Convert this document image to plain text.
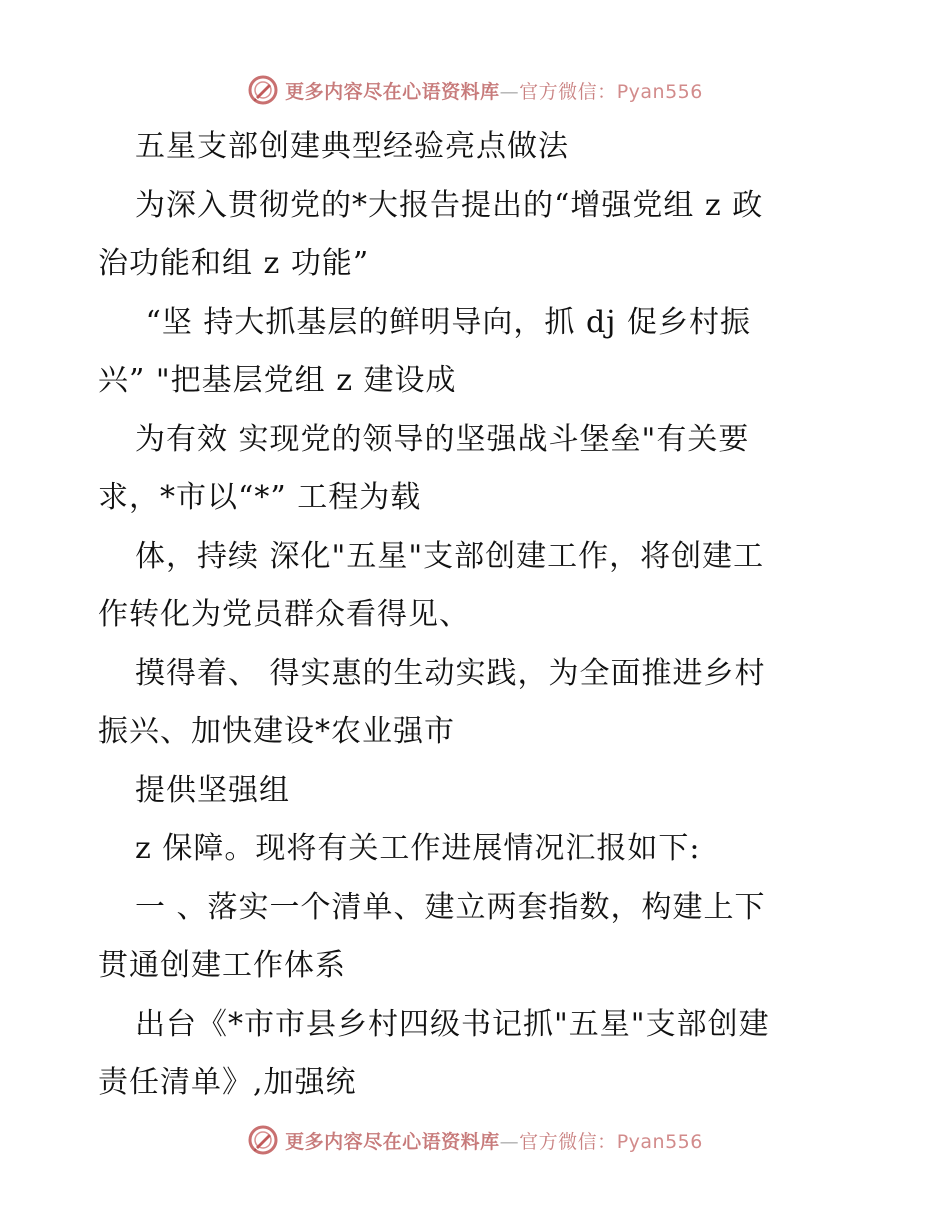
更多内容尽在心语资料库—官方微信：Pyan556
五星支部创建典型经验亮点做法
为深入贯彻党的*大报告提出的“增强党组 z 政
治功能和组 z 功能”
“坚 持大抓基层的鲜明导向，抓 dj 促乡村振
兴” "把基层党组 z 建设成
为有效 实现党的领导的坚强战斗堡垒"有关要
求，*市以“*” 工程为载
体，持续 深化"五星"支部创建工作，将创建工
作转化为党员群众看得见、
摸得着、 得实惠的生动实践，为全面推进乡村
振兴、加快建设*农业强市
提供坚强组
z 保障。现将有关工作进展情况汇报如下:
一 、落实一个清单、建立两套指数，构建上下
贯通创建工作体系
出台《*市市县乡村四级书记抓"五星"支部创建
责任清单》,加强统
更多内容尽在心语资料库—官方微信：Pyan556
